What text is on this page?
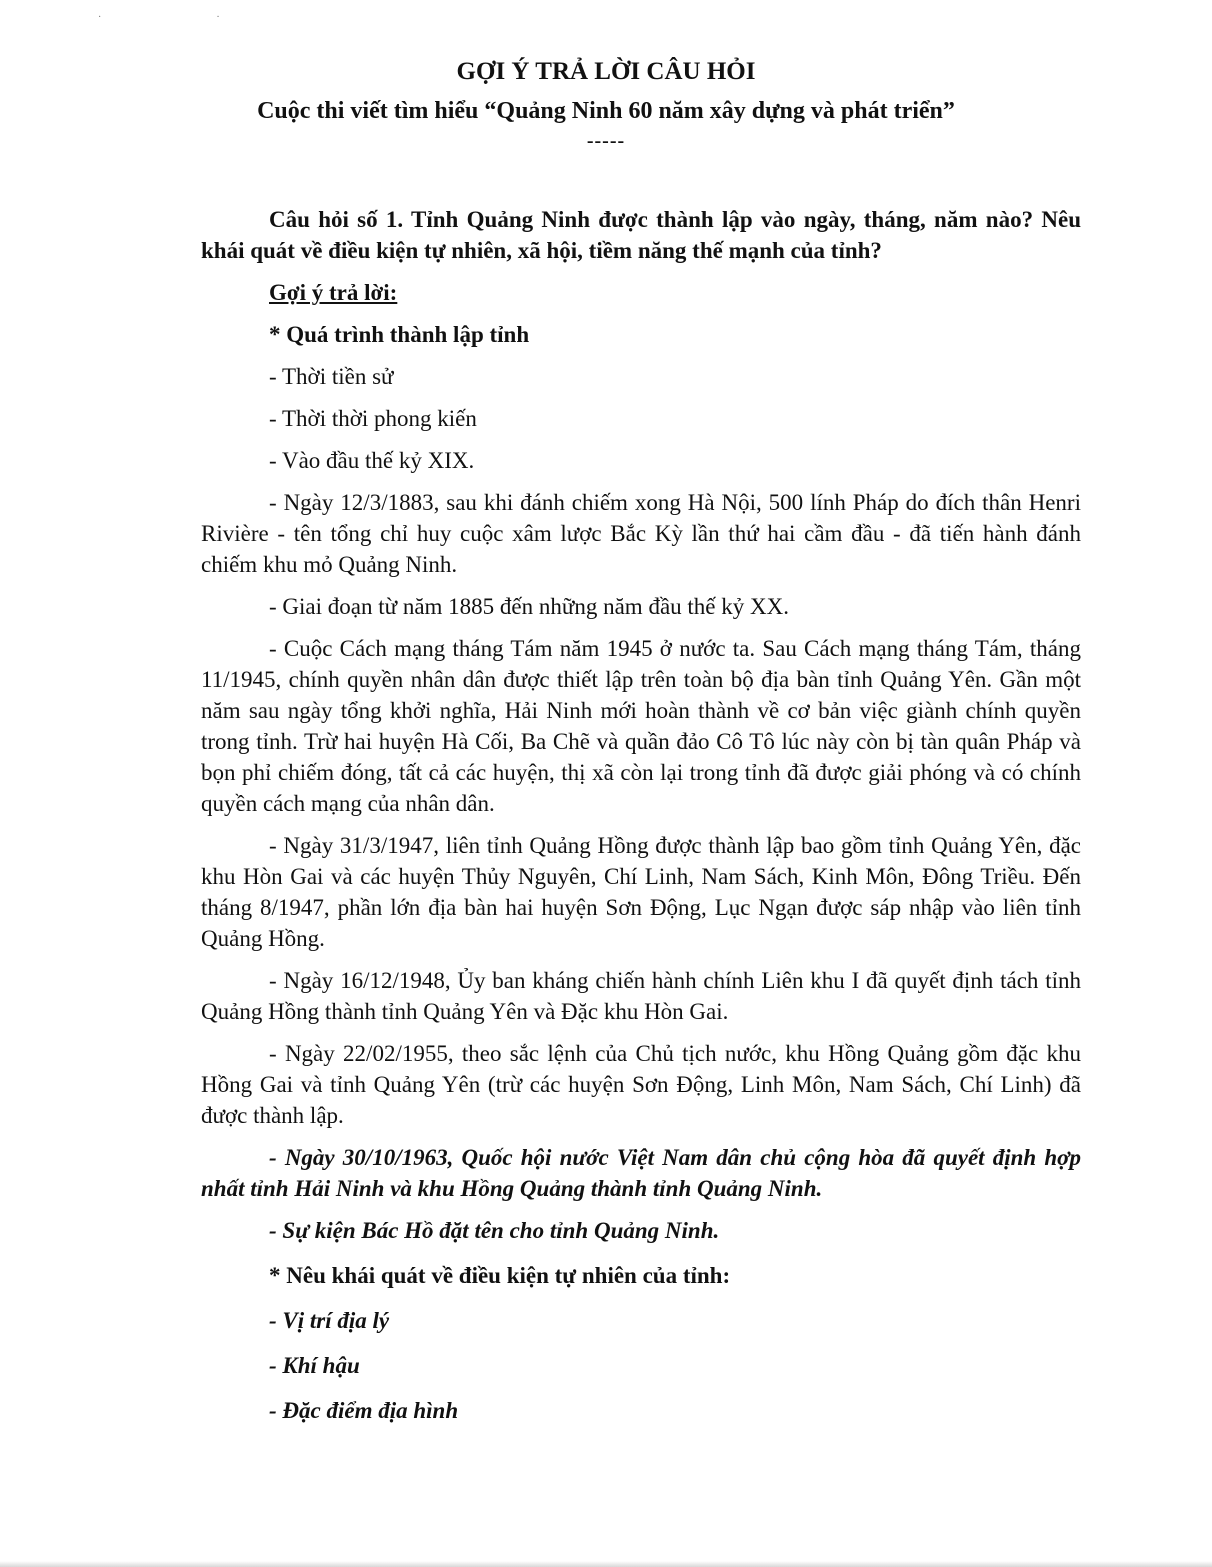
·                                              ·
GỢI Ý TRẢ LỜI CÂU HỎI
Cuộc thi viết tìm hiểu “Quảng Ninh 60 năm xây dựng và phát triển”
-----

Câu hỏi số 1. Tỉnh Quảng Ninh được thành lập vào ngày, tháng, năm nào? Nêu khái quát về điều kiện tự nhiên, xã hội, tiềm năng thế mạnh của tỉnh?

Gợi ý trả lời:

* Quá trình thành lập tỉnh

- Thời tiền sử

- Thời thời phong kiến

- Vào đầu thế kỷ XIX.

- Ngày 12/3/1883, sau khi đánh chiếm xong Hà Nội, 500 lính Pháp do đích thân Henri Rivière - tên tổng chỉ huy cuộc xâm lược Bắc Kỳ lần thứ hai cầm đầu - đã tiến hành đánh chiếm khu mỏ Quảng Ninh.

- Giai đoạn từ năm 1885 đến những năm đầu thế kỷ XX.

- Cuộc Cách mạng tháng Tám năm 1945 ở nước ta. Sau Cách mạng tháng Tám, tháng 11/1945, chính quyền nhân dân được thiết lập trên toàn bộ địa bàn tỉnh Quảng Yên. Gần một năm sau ngày tổng khởi nghĩa, Hải Ninh mới hoàn thành về cơ bản việc giành chính quyền trong tỉnh. Trừ hai huyện Hà Cối, Ba Chẽ và quần đảo Cô Tô lúc này còn bị tàn quân Pháp và bọn phỉ chiếm đóng, tất cả các huyện, thị xã còn lại trong tỉnh đã được giải phóng và có chính quyền cách mạng của nhân dân.

- Ngày 31/3/1947, liên tỉnh Quảng Hồng được thành lập bao gồm tỉnh Quảng Yên, đặc khu Hòn Gai và các huyện Thủy Nguyên, Chí Linh, Nam Sách, Kinh Môn, Đông Triều. Đến tháng 8/1947, phần lớn địa bàn hai huyện Sơn Động, Lục Ngạn được sáp nhập vào liên tỉnh Quảng Hồng.

- Ngày 16/12/1948, Ủy ban kháng chiến hành chính Liên khu I đã quyết định tách tỉnh Quảng Hồng thành tỉnh Quảng Yên và Đặc khu Hòn Gai.

- Ngày 22/02/1955, theo sắc lệnh của Chủ tịch nước, khu Hồng Quảng gồm đặc khu Hồng Gai và tỉnh Quảng Yên (trừ các huyện Sơn Động, Linh Môn, Nam Sách, Chí Linh) đã được thành lập.

- Ngày 30/10/1963, Quốc hội nước Việt Nam dân chủ cộng hòa đã quyết định hợp nhất tỉnh Hải Ninh và khu Hồng Quảng thành tỉnh Quảng Ninh.

- Sự kiện Bác Hồ đặt tên cho tỉnh Quảng Ninh.

* Nêu khái quát về điều kiện tự nhiên của tỉnh:

- Vị trí địa lý

- Khí hậu

- Đặc điểm địa hình
